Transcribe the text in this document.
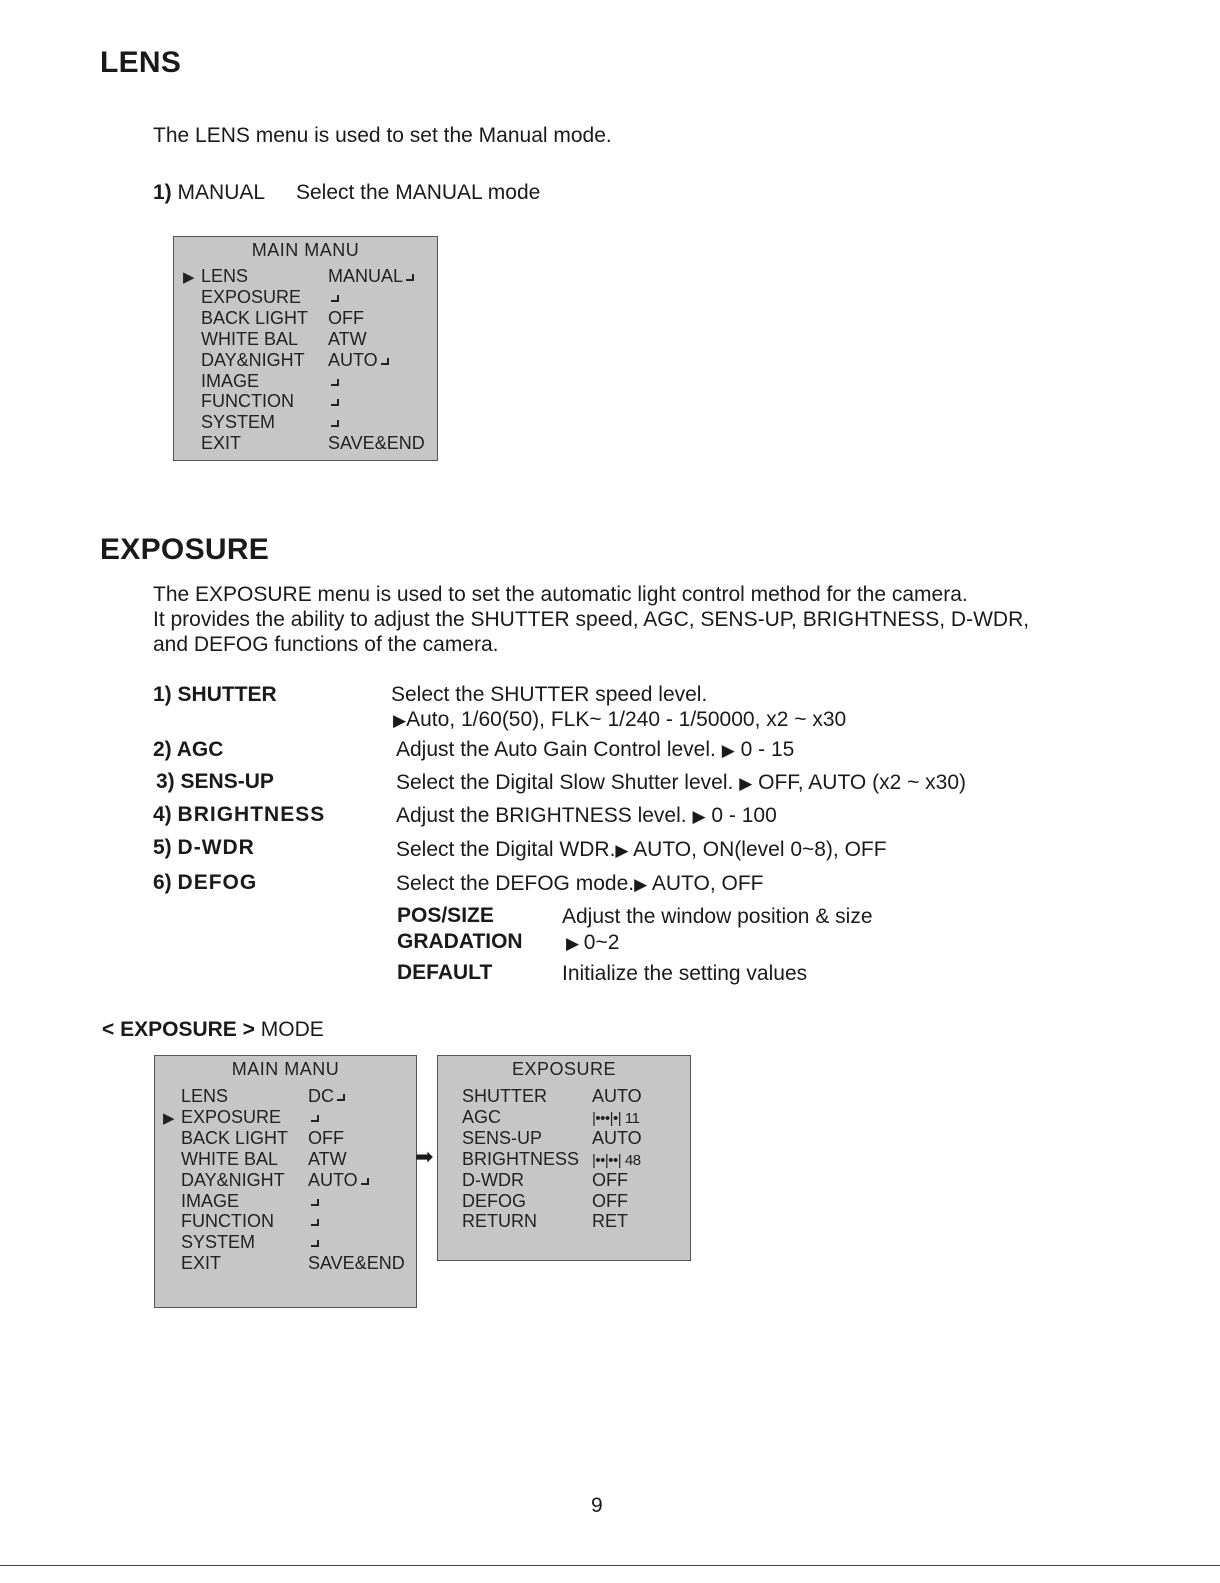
LENS
The LENS menu is used to set the Manual mode.
1) MANUAL Select the MANUAL mode
MAIN MANU
LENS	MANUAL
▶
EXPOSURE
BACK LIGHT OFF
WHITE BAL ATW
DAY&NIGHT AUTO
IMAGE
FUNCTION
SYSTEM
EXIT	SAVE&END
EXPOSURE
The EXPOSURE menu is used to set the automatic light control method for the camera.
It provides the ability to adjust the SHUTTER speed, AGC, SENS-UP, BRIGHTNESS, D-WDR,
and DEFOG functions of the camera.
1) SHUTTER	Select the SHUTTER speed level.
▶Auto, 1/60(50), FLK~ 1/240 - 1/50000, x2 ~ x30
2) AGC	Adjust the Auto Gain Control level. ▶ 0 - 15
3) SENS-UP	Select the Digital Slow Shutter level. ▶ OFF, AUTO (x2 ~ x30)
4) BRIGHTNESS	Adjust the BRIGHTNESS level. ▶ 0 - 100
5) D-WDR	Select the Digital WDR.▶ AUTO, ON(level 0~8), OFF
6) DEFOG	Select the DEFOG mode.▶ AUTO, OFF
POS/SIZE	Adjust the window position & size
GRADATION	▶ 0~2
DEFAULT	Initialize the setting values
< EXPOSURE > MODE
MAIN MANU
LENS	DC
EXPOSURE
▶
BACK LIGHT OFF
WHITE BAL ATW
DAY&NIGHT AUTO
IMAGE
FUNCTION
SYSTEM
EXIT	SAVE&END
➡
EXPOSURE
SHUTTER	AUTO
AGC	|•••|•| 11
SENS-UP	AUTO
BRIGHTNESS |••|••| 48
D-WDR	OFF
DEFOG	OFF
RETURN	RET
9
